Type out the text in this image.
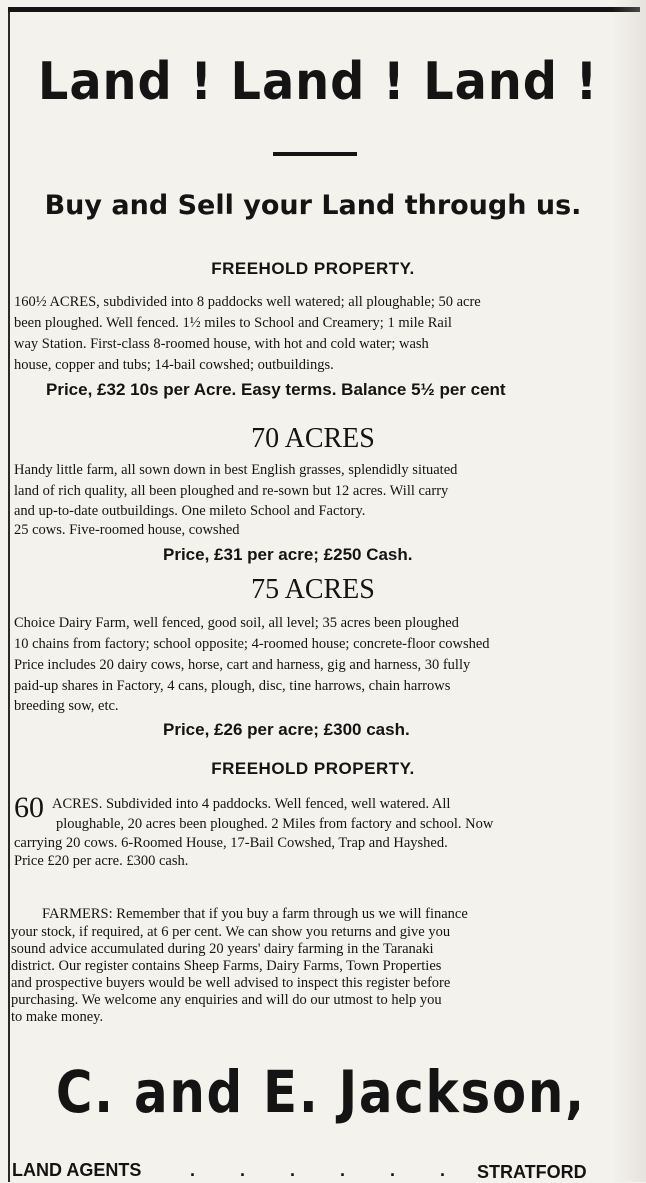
Land ! Land ! Land !
Buy and Sell your Land through us.
FREEHOLD PROPERTY.
160½ ACRES, subdivided into 8 paddocks well watered; all ploughable; 50 acre
been ploughed. Well fenced. 1½ miles to School and Creamery; 1 mile Rail
way Station. First-class 8-roomed house, with hot and cold water; wash
house, copper and tubs; 14-bail cowshed; outbuildings.
Price, £32 10s per Acre. Easy terms. Balance 5½ per cent
70 ACRES
Handy little farm, all sown down in best English grasses, splendidly situated
land of rich quality, all been ploughed and re-sown but 12 acres. Will carry
and up-to-date outbuildings. One mileto School and Factory.
25 cows. Five-roomed house, cowshed
Price, £31 per acre; £250 Cash.
75 ACRES
Choice Dairy Farm, well fenced, good soil, all level; 35 acres been ploughed
10 chains from factory; school opposite; 4-roomed house; concrete-floor cowshed
Price includes 20 dairy cows, horse, cart and harness, gig and harness, 30 fully
paid-up shares in Factory, 4 cans, plough, disc, tine harrows, chain harrows
breeding sow, etc.
Price, £26 per acre; £300 cash.
FREEHOLD PROPERTY.
60 ACRES. Subdivided into 4 paddocks. Well fenced, well watered. All
ploughable, 20 acres been ploughed. 2 Miles from factory and school. Now
carrying 20 cows. 6-Roomed House, 17-Bail Cowshed, Trap and Hayshed.
Price £20 per acre. £300 cash.
FARMERS: Remember that if you buy a farm through us we will finance
your stock, if required, at 6 per cent. We can show you returns and give you
sound advice accumulated during 20 years' dairy farming in the Taranaki
district. Our register contains Sheep Farms, Dairy Farms, Town Properties
and prospective buyers would be well advised to inspect this register before
purchasing. We welcome any enquiries and will do our utmost to help you
to make money.
C. and E. Jackson,
LAND AGENTS	. . . . . . STRATFORD
